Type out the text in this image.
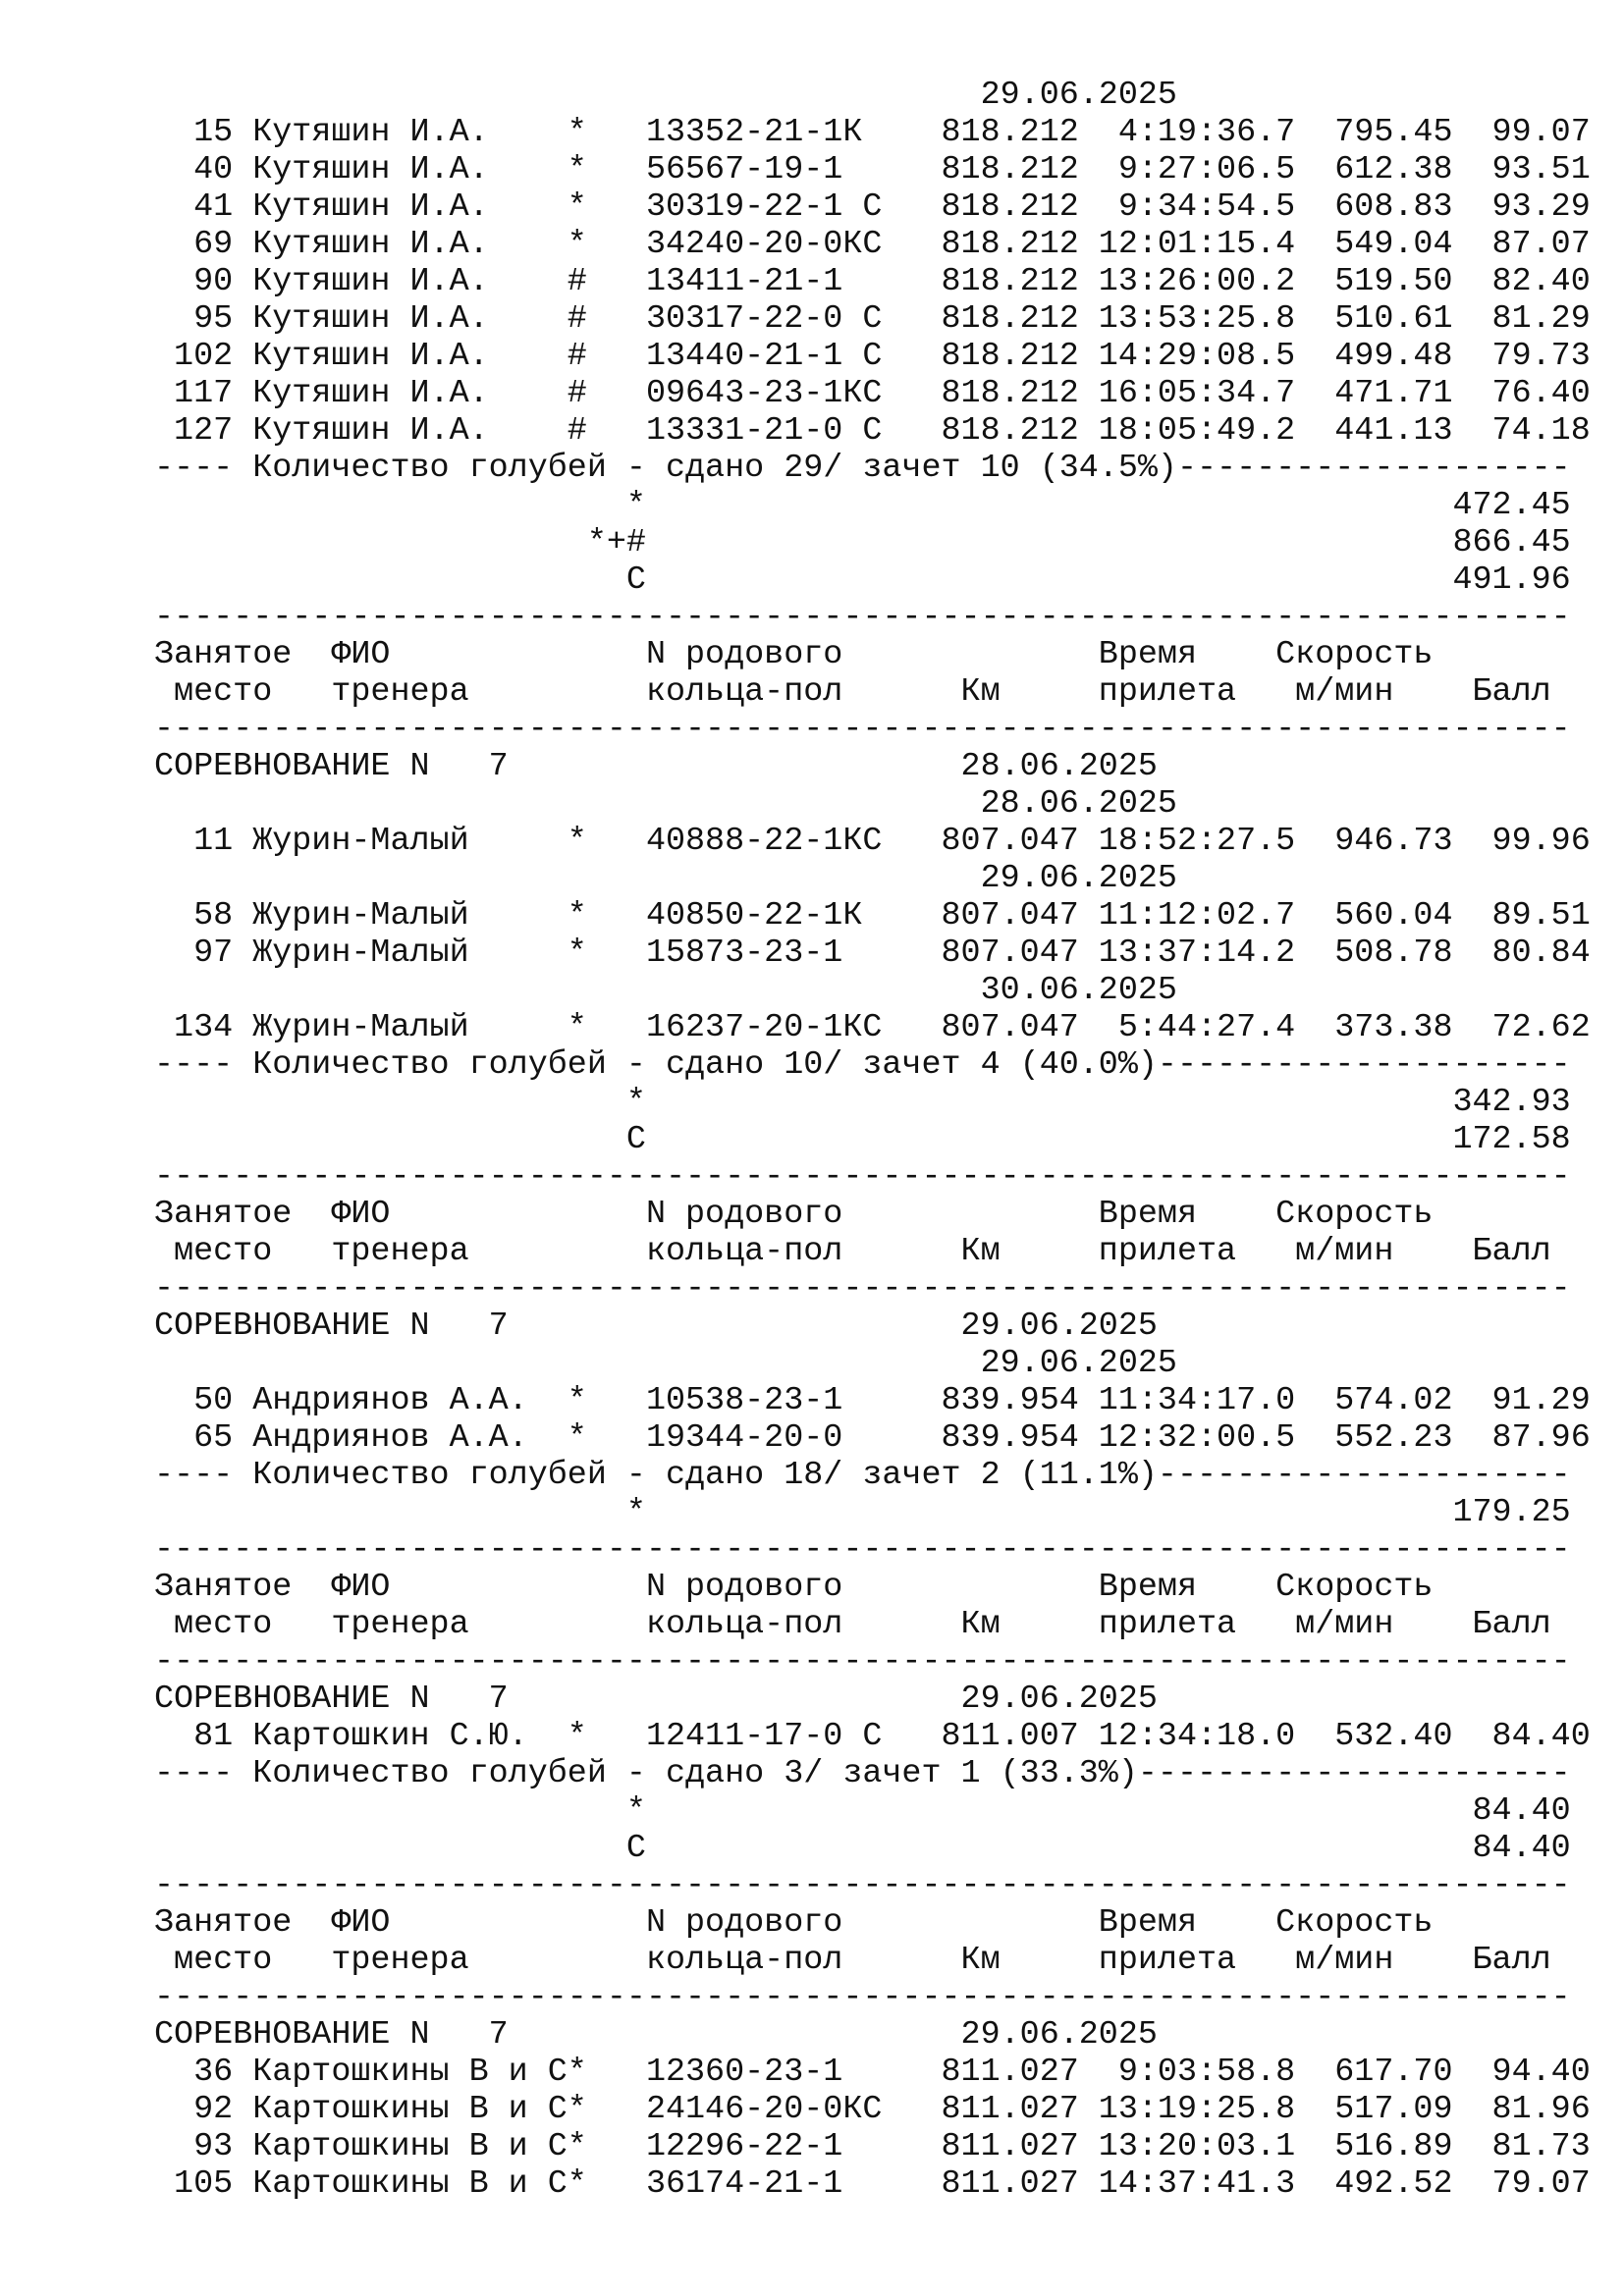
29.06.2025
15 Кутяшин И.А.    *   13352-21-1К    818.212  4:19:36.7  795.45  99.07
40 Кутяшин И.А.    *   56567-19-1     818.212  9:27:06.5  612.38  93.51
41 Кутяшин И.А.    *   30319-22-1 С   818.212  9:34:54.5  608.83  93.29
69 Кутяшин И.А.    *   34240-20-0КС   818.212 12:01:15.4  549.04  87.07
90 Кутяшин И.А.    #   13411-21-1     818.212 13:26:00.2  519.50  82.40
95 Кутяшин И.А.    #   30317-22-0 С   818.212 13:53:25.8  510.61  81.29
102 Кутяшин И.А.    #   13440-21-1 С   818.212 14:29:08.5  499.48  79.73
117 Кутяшин И.А.    #   09643-23-1КС   818.212 16:05:34.7  471.71  76.40
127 Кутяшин И.А.    #   13331-21-0 С   818.212 18:05:49.2  441.13  74.18
---- Количество голубей - сдано 29/ зачет 10 (34.5%)--------------------
*                                         472.45
*+#                                         866.45
С                                         491.96
------------------------------------------------------------------------
Занятое  ФИО             N родового             Время    Скорость
место   тренера         кольца-пол      Км     прилета   м/мин    Балл
------------------------------------------------------------------------
СОРЕВНОВАНИЕ N   7                       28.06.2025
28.06.2025
11 Журин-Малый     *   40888-22-1КС   807.047 18:52:27.5  946.73  99.96
29.06.2025
58 Журин-Малый     *   40850-22-1К    807.047 11:12:02.7  560.04  89.51
97 Журин-Малый     *   15873-23-1     807.047 13:37:14.2  508.78  80.84
30.06.2025
134 Журин-Малый     *   16237-20-1КС   807.047  5:44:27.4  373.38  72.62
---- Количество голубей - сдано 10/ зачет 4 (40.0%)---------------------
*                                         342.93
С                                         172.58
------------------------------------------------------------------------
Занятое  ФИО             N родового             Время    Скорость
место   тренера         кольца-пол      Км     прилета   м/мин    Балл
------------------------------------------------------------------------
СОРЕВНОВАНИЕ N   7                       29.06.2025
29.06.2025
50 Андриянов А.А.  *   10538-23-1     839.954 11:34:17.0  574.02  91.29
65 Андриянов А.А.  *   19344-20-0     839.954 12:32:00.5  552.23  87.96
---- Количество голубей - сдано 18/ зачет 2 (11.1%)---------------------
*                                         179.25
------------------------------------------------------------------------
Занятое  ФИО             N родового             Время    Скорость
место   тренера         кольца-пол      Км     прилета   м/мин    Балл
------------------------------------------------------------------------
СОРЕВНОВАНИЕ N   7                       29.06.2025
81 Картошкин С.Ю.  *   12411-17-0 С   811.007 12:34:18.0  532.40  84.40
---- Количество голубей - сдано 3/ зачет 1 (33.3%)----------------------
*                                          84.40
С                                          84.40
------------------------------------------------------------------------
Занятое  ФИО             N родового             Время    Скорость
место   тренера         кольца-пол      Км     прилета   м/мин    Балл
------------------------------------------------------------------------
СОРЕВНОВАНИЕ N   7                       29.06.2025
36 Картошкины В и С*   12360-23-1     811.027  9:03:58.8  617.70  94.40
92 Картошкины В и С*   24146-20-0КС   811.027 13:19:25.8  517.09  81.96
93 Картошкины В и С*   12296-22-1     811.027 13:20:03.1  516.89  81.73
105 Картошкины В и С*   36174-21-1     811.027 14:37:41.3  492.52  79.07
